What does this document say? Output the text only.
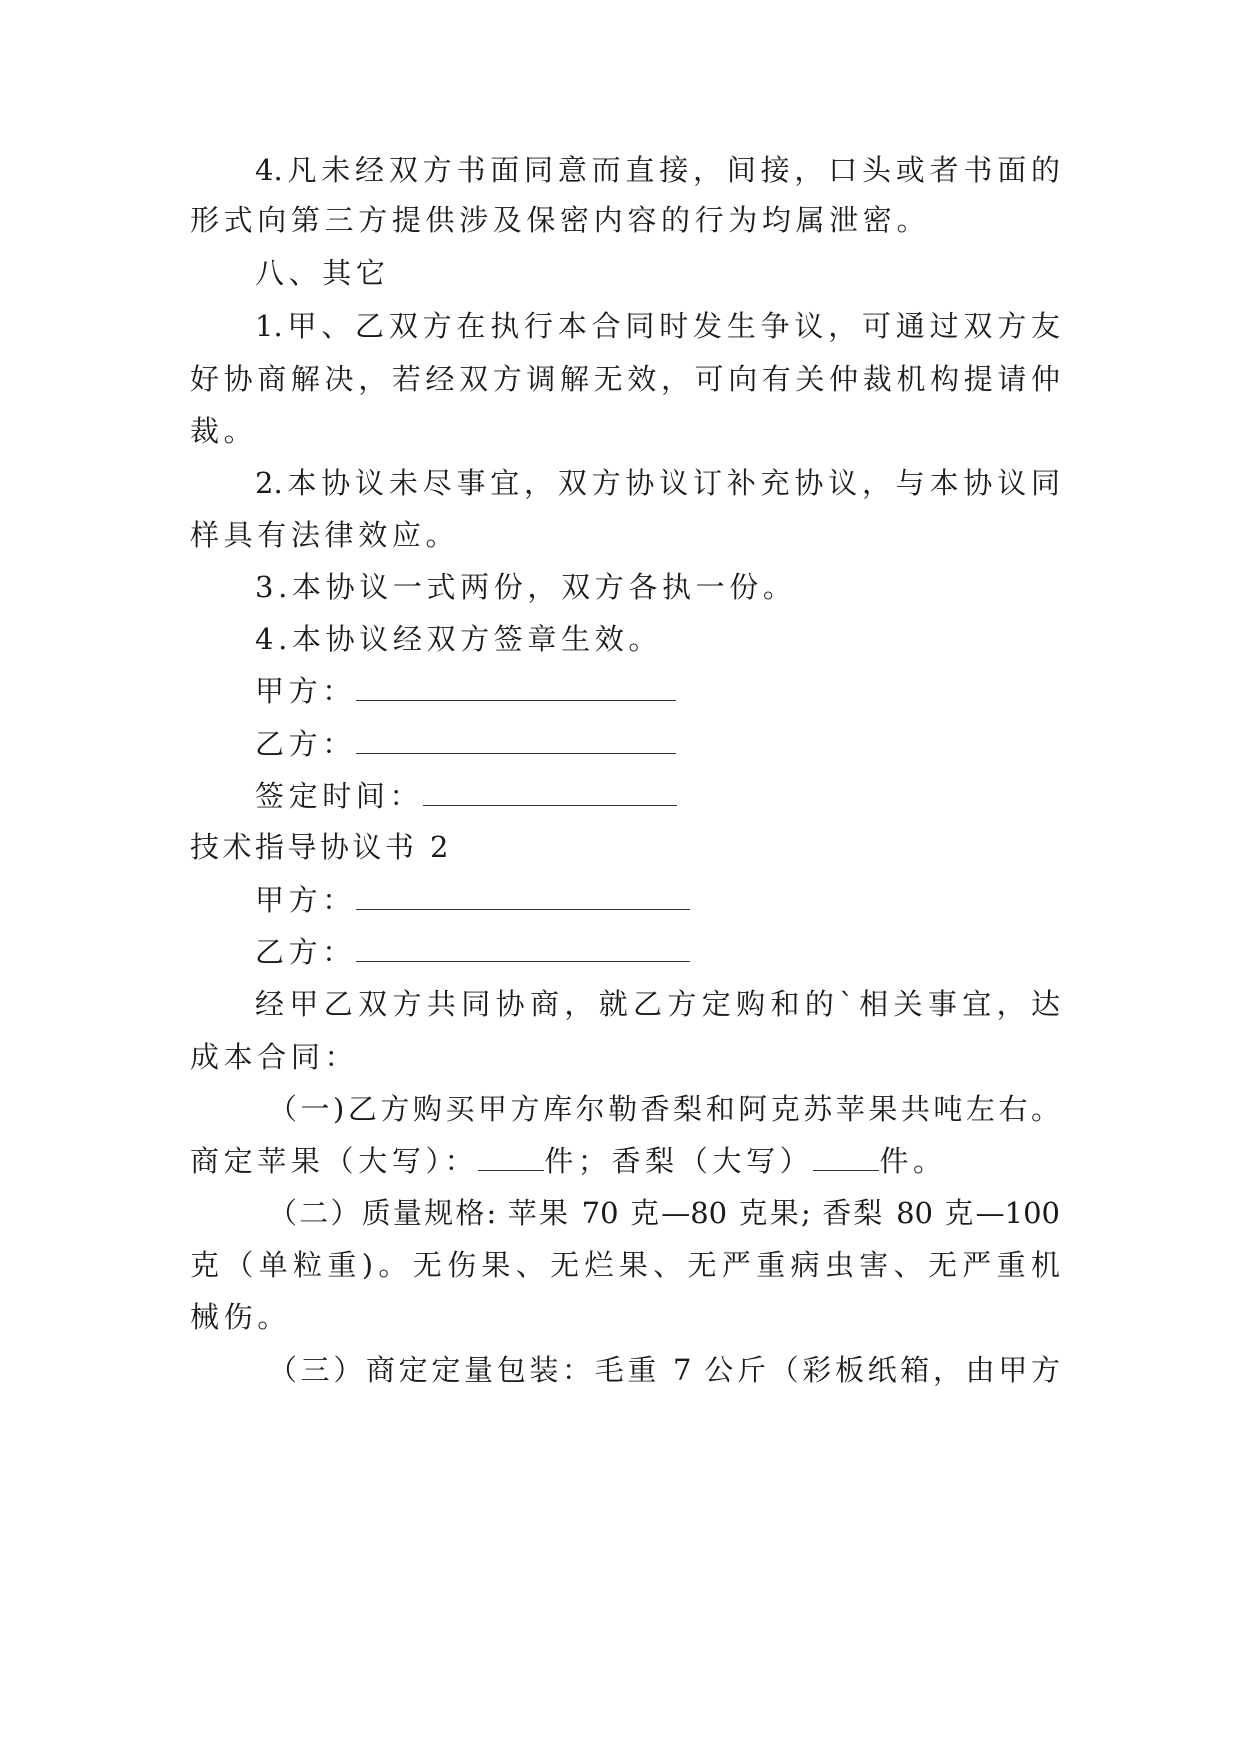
4.凡未经双方书面同意而直接，间接，口头或者书面的
形式向第三方提供涉及保密内容的行为均属泄密。
八、其它
1.甲、乙双方在执行本合同时发生争议，可通过双方友
好协商解决，若经双方调解无效，可向有关仲裁机构提请仲
裁。
2.本协议未尽事宜，双方协议订补充协议，与本协议同
样具有法律效应。
3.本协议一式两份，双方各执一份。
4.本协议经双方签章生效。
甲方：
乙方：
签定时间：
技术指导协议书 2
甲方：
乙方：
经甲乙双方共同协商，就乙方定购和的`相关事宜，达
成本合同：
（一)乙方购买甲方库尔勒香梨和阿克苏苹果共吨左右。
商定苹果（大写）： 件；香梨（大写） 件。
（二）质量规格: 苹果 70 克—80 克果; 香梨 80 克—100
克（单粒重)。无伤果、无烂果、无严重病虫害、无严重机
械伤。
（三）商定定量包装：毛重 7 公斤（彩板纸箱，由甲方
